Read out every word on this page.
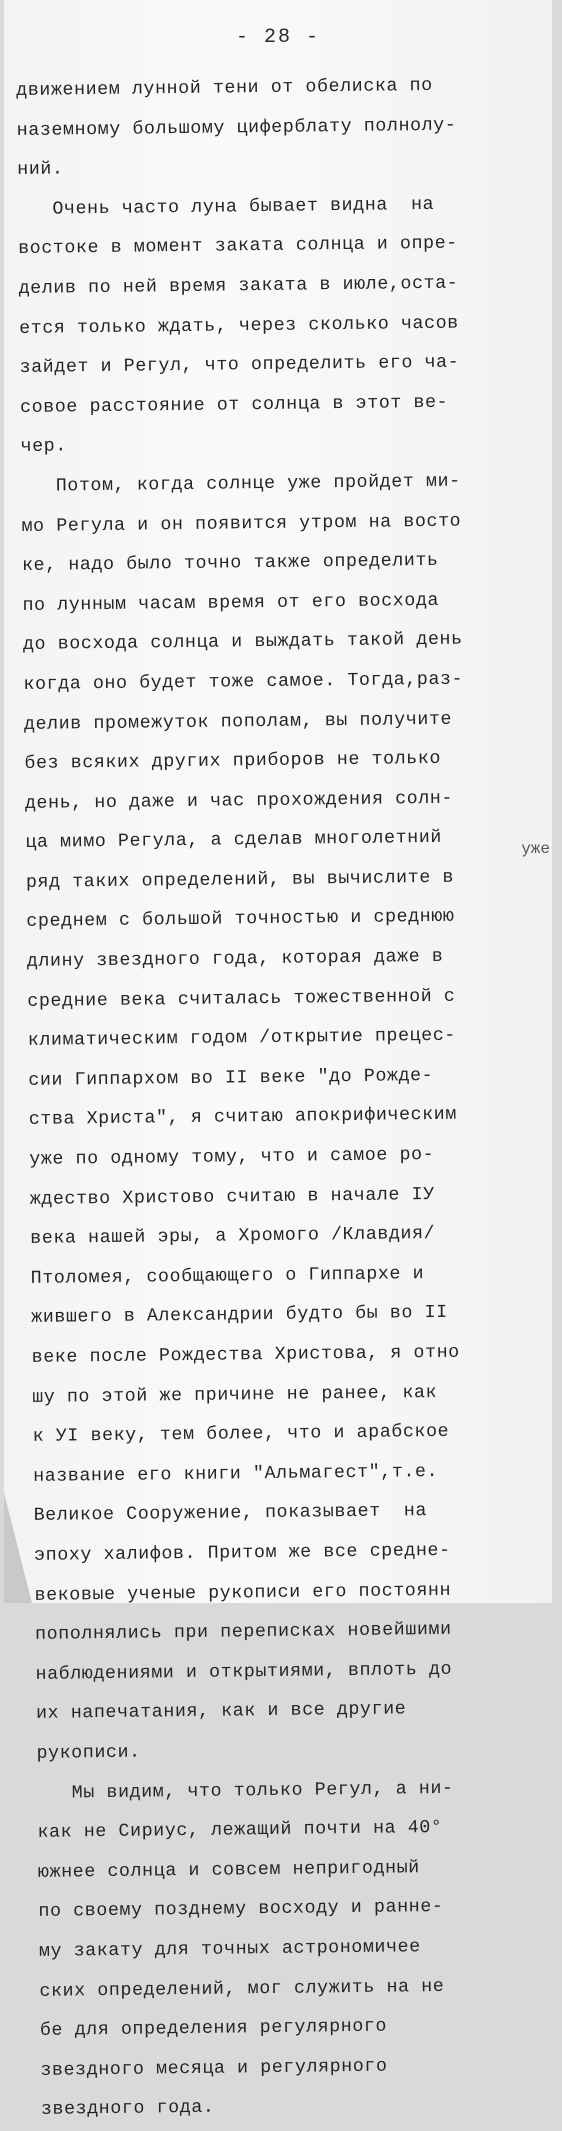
- 28 -
уже
движением лунной тени от обелиска по
наземному большому циферблату полнолу-
ний.
Очень часто луна бывает видна  на
востоке в момент заката солнца и опре-
делив по ней время заката в июле,оста-
ется только ждать, через сколько часов
зайдет и Регул, что определить его ча-
совое расстояние от солнца в этот ве-
чер.
Потом, когда солнце уже пройдет ми-
мо Регула и он появится утром на восто
ке, надо было точно также определить
по лунным часам время от его восхода
до восхода солнца и выждать такой день
когда оно будет тоже самое. Тогда,раз-
делив промежуток пополам, вы получите
без всяких других приборов не только
день, но даже и час прохождения солн-
ца мимо Регула, а сделав многолетний
ряд таких определений, вы вычислите в
среднем с большой точностью и среднюю
длину звездного года, которая даже в
средние века считалась тожественной с
климатическим годом /открытие прецес-
сии Гиппархом во II веке "до Рожде-
ства Христа", я считаю апокрифическим
уже по одному тому, что и самое ро-
ждество Христово считаю в начале IУ
века нашей эры, а Хромого /Клавдия/
Птоломея, сообщающего о Гиппархе и
жившего в Александрии будто бы во II
веке после Рождества Христова, я отно
шу по этой же причине не ранее, как
к УI веку, тем более, что и арабское
название его книги "Альмагест",т.е.
Великое Сооружение, показывает  на
эпоху халифов. Притом же все средне-
вековые ученые рукописи его постоянн
пополнялись при переписках новейшими
наблюдениями и открытиями, вплоть до
их напечатания, как и все другие
рукописи.
Мы видим, что только Регул, а ни-
как не Сириус, лежащий почти на 40°
южнее солнца и совсем непригодный
по своему позднему восходу и ранне-
му закату для точных астрономичее
ских определений, мог служить на не
бе для определения регулярного
звездного месяца и регулярного
звездного года.
